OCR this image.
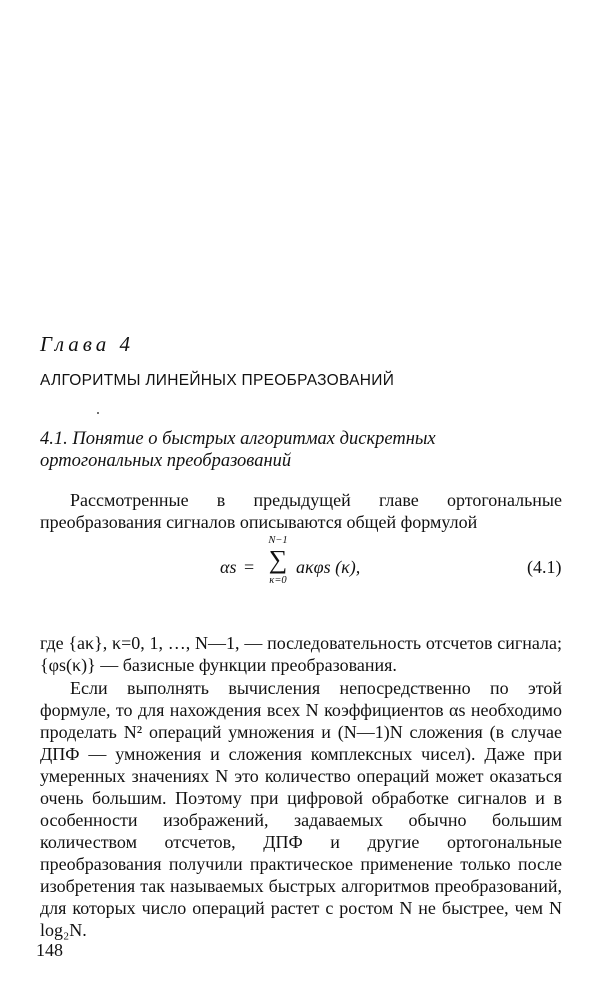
Глава 4
АЛГОРИТМЫ ЛИНЕЙНЫХ ПРЕОБРАЗОВАНИЙ
4.1. Понятие о быстрых алгоритмах дискретных ортогональных преобразований

Рассмотренные в предыдущей главе ортогональные преобразования сигналов описываются общей формулой

αs =
N−1
∑
κ=0
aκφs (κ),	(4.1)

где {aκ}, κ=0, 1, …, N—1, — последовательность отсчетов сигнала; {φs(κ)} — базисные функции преобразования.

Если выполнять вычисления непосредственно по этой формуле, то для нахождения всех N коэффициентов αs необходимо проделать N² операций умножения и (N—1)N сложения (в случае ДПФ — умножения и сложения комплексных чисел). Даже при умеренных значениях N это количество операций может оказаться очень большим. Поэтому при цифровой обработке сигналов и в особенности изображений, задаваемых обычно большим количеством отсчетов, ДПФ и другие ортогональные преобразования получили практическое применение только после изобретения так называемых быстрых алгоритмов преобразований, для которых число операций растет с ростом N не быстрее, чем N log₂N.

148
